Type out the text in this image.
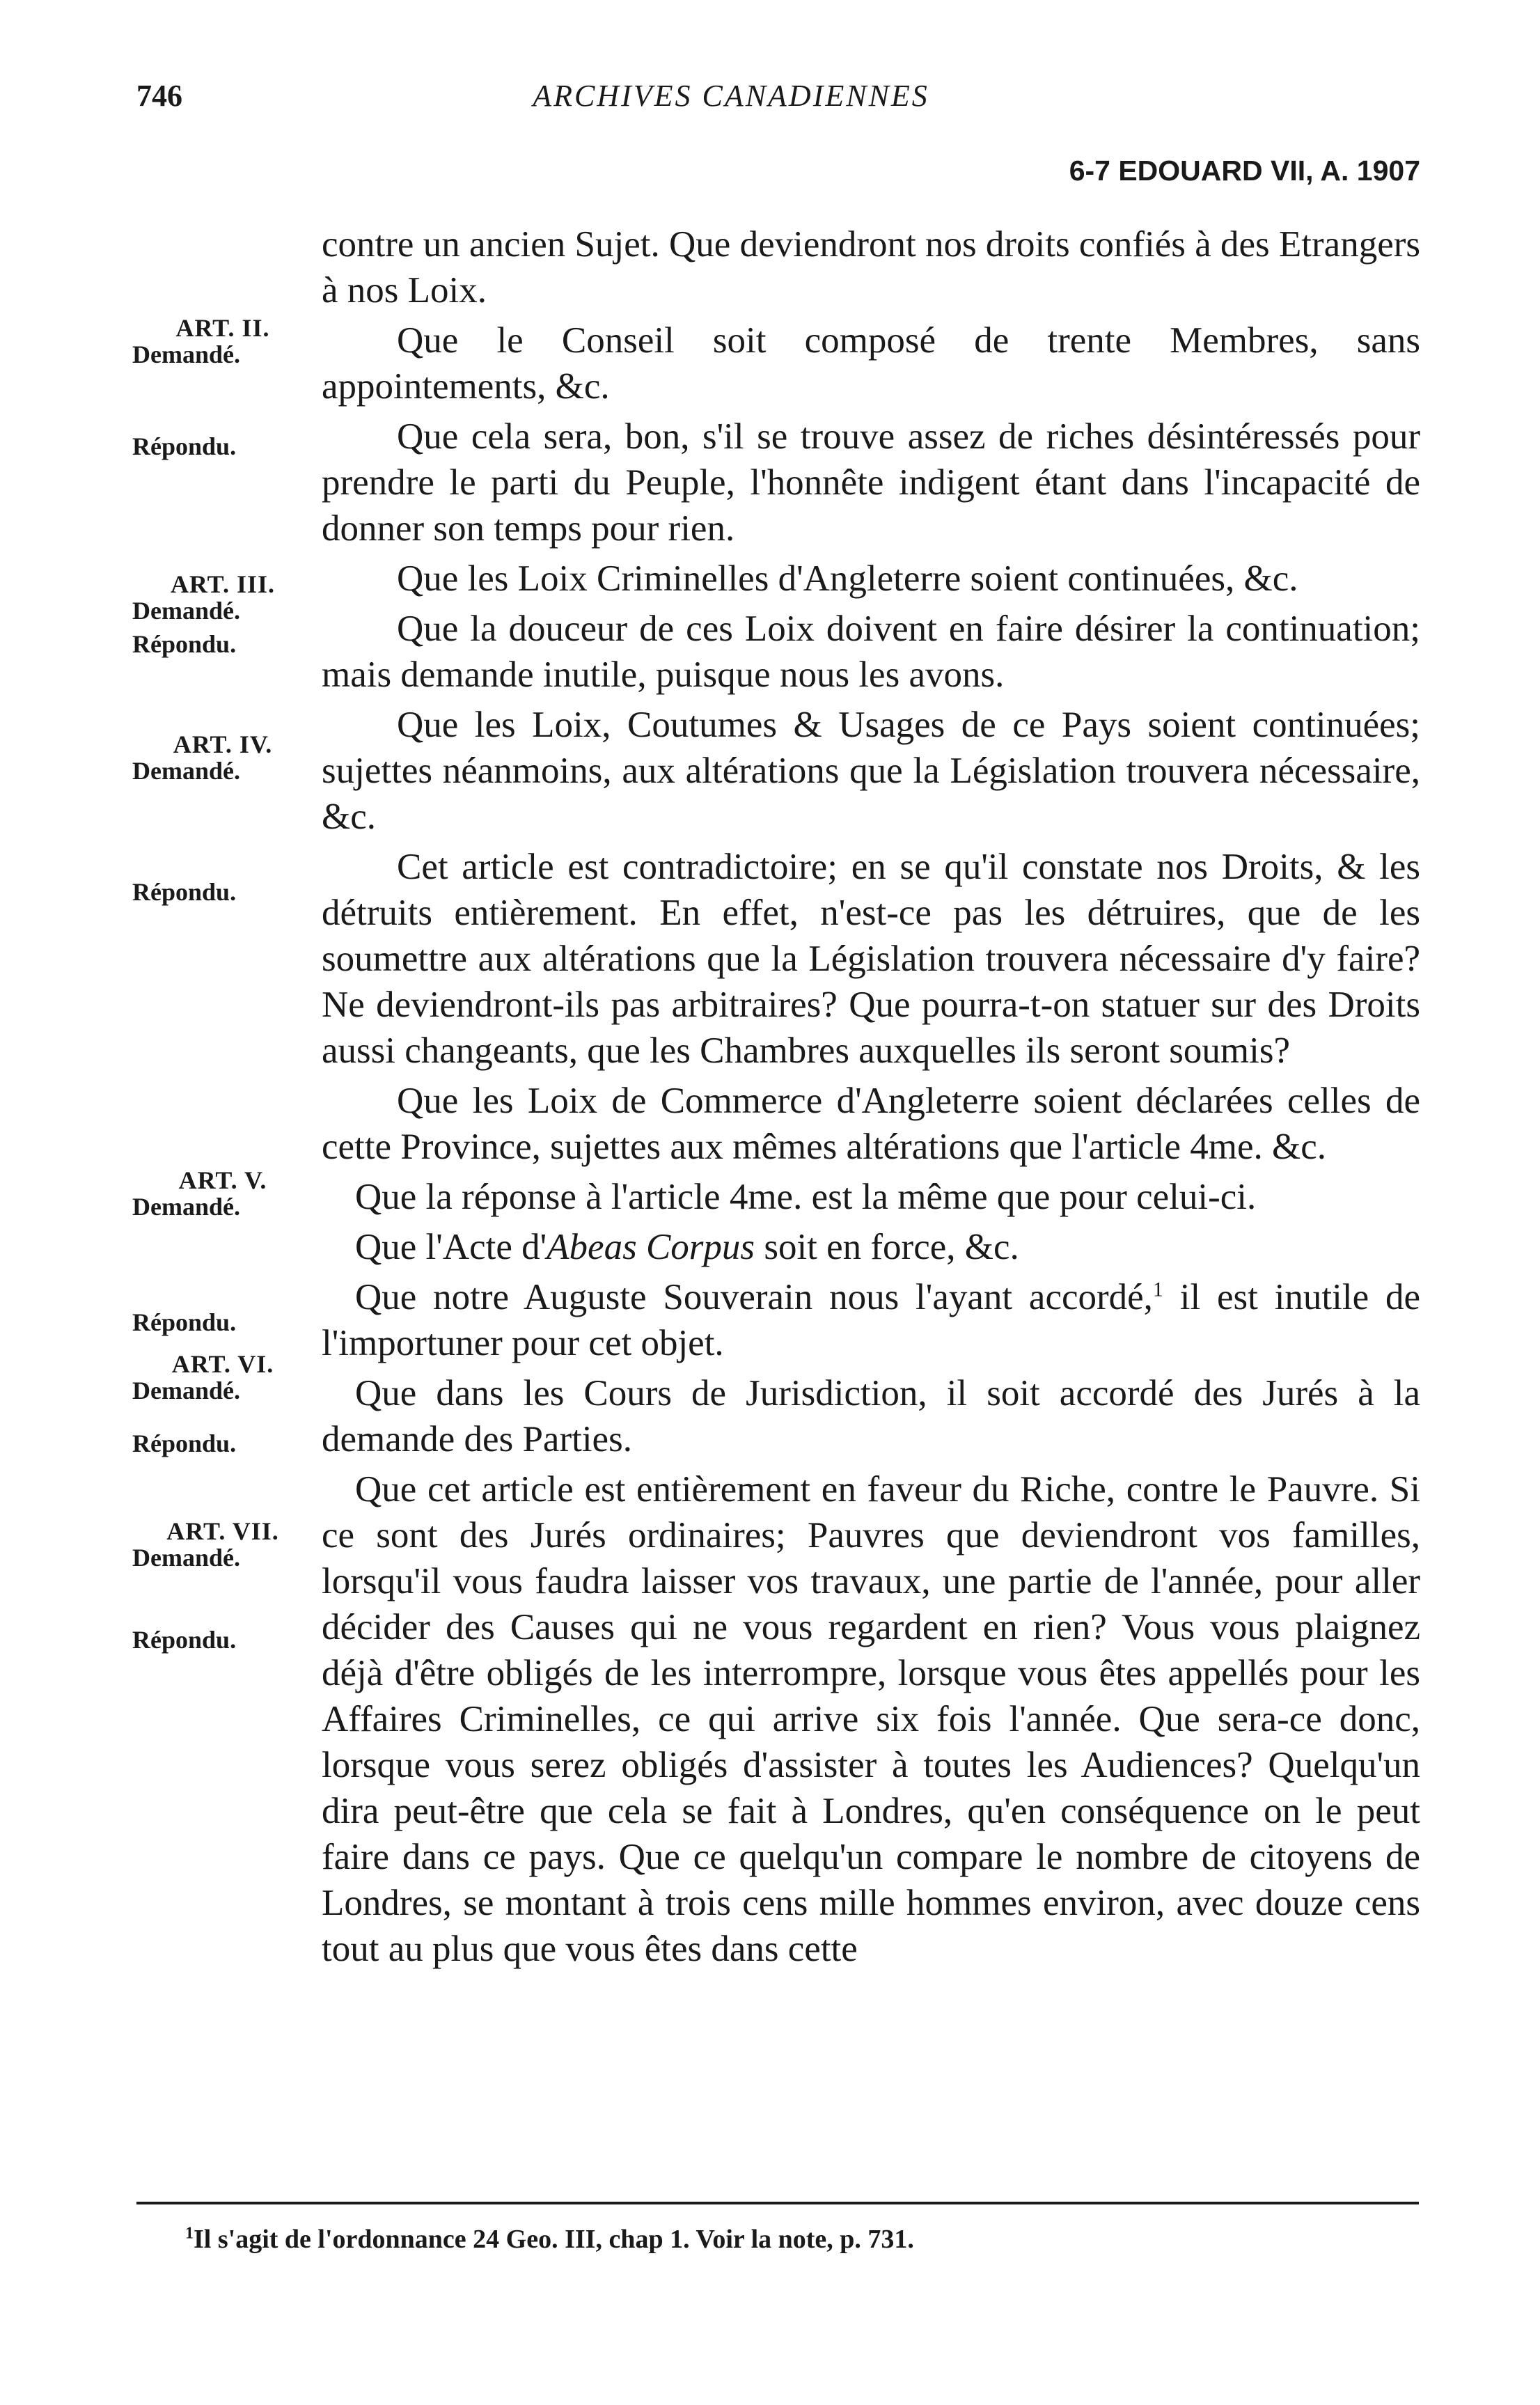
746	ARCHIVES CANADIENNES
6-7 EDOUARD VII, A. 1907
ART. II.
Demandé.
Répondu.
ART. III.
Demandé.
Répondu.
ART. IV.
Demandé.
Répondu.
ART. V.
Demandé.
Répondu.
ART. VI.
Demandé.
Répondu.
ART. VII.
Demandé.
Répondu.

contre un ancien Sujet. Que deviendront nos droits confiés à des Etrangers à nos Loix.

Que le Conseil soit composé de trente Membres, sans appointements, &c.

Que cela sera, bon, s'il se trouve assez de riches désintéressés pour prendre le parti du Peuple, l'honnête indigent étant dans l'incapacité de donner son temps pour rien.

Que les Loix Criminelles d'Angleterre soient continuées, &c.

Que la douceur de ces Loix doivent en faire désirer la continuation; mais demande inutile, puisque nous les avons.

Que les Loix, Coutumes & Usages de ce Pays soient continuées; sujettes néanmoins, aux altérations que la Législation trouvera nécessaire, &c.

Cet article est contradictoire; en se qu'il constate nos Droits, & les détruits entièrement. En effet, n'est-ce pas les détruires, que de les soumettre aux altérations que la Législation trouvera nécessaire d'y faire? Ne deviendront-ils pas arbitraires? Que pourra-t-on statuer sur des Droits aussi changeants, que les Chambres auxquelles ils seront soumis?

Que les Loix de Commerce d'Angleterre soient déclarées celles de cette Province, sujettes aux mêmes altérations que l'article 4me. &c.

Que la réponse à l'article 4me. est la même que pour celui-ci.

Que l'Acte d'Abeas Corpus soit en force, &c.

Que notre Auguste Souverain nous l'ayant accordé,$^1$ il est inutile de l'importuner pour cet objet.

Que dans les Cours de Jurisdiction, il soit accordé des Jurés à la demande des Parties.

Que cet article est entièrement en faveur du Riche, contre le Pauvre. Si ce sont des Jurés ordinaires; Pauvres que deviendront vos familles, lorsqu'il vous faudra laisser vos travaux, une partie de l'année, pour aller décider des Causes qui ne vous regardent en rien? Vous vous plaignez déjà d'être obligés de les interrompre, lorsque vous êtes appellés pour les Affaires Criminelles, ce qui arrive six fois l'année. Que sera-ce donc, lorsque vous serez obligés d'assister à toutes les Audiences? Quelqu'un dira peut-être que cela se fait à Londres, qu'en conséquence on le peut faire dans ce pays. Que ce quelqu'un compare le nombre de citoyens de Londres, se montant à trois cens mille hommes environ, avec douze cens tout au plus que vous êtes dans cette

$^1$Il s'agit de l'ordonnance 24 Geo. III, chap 1. Voir la note, p. 731.
